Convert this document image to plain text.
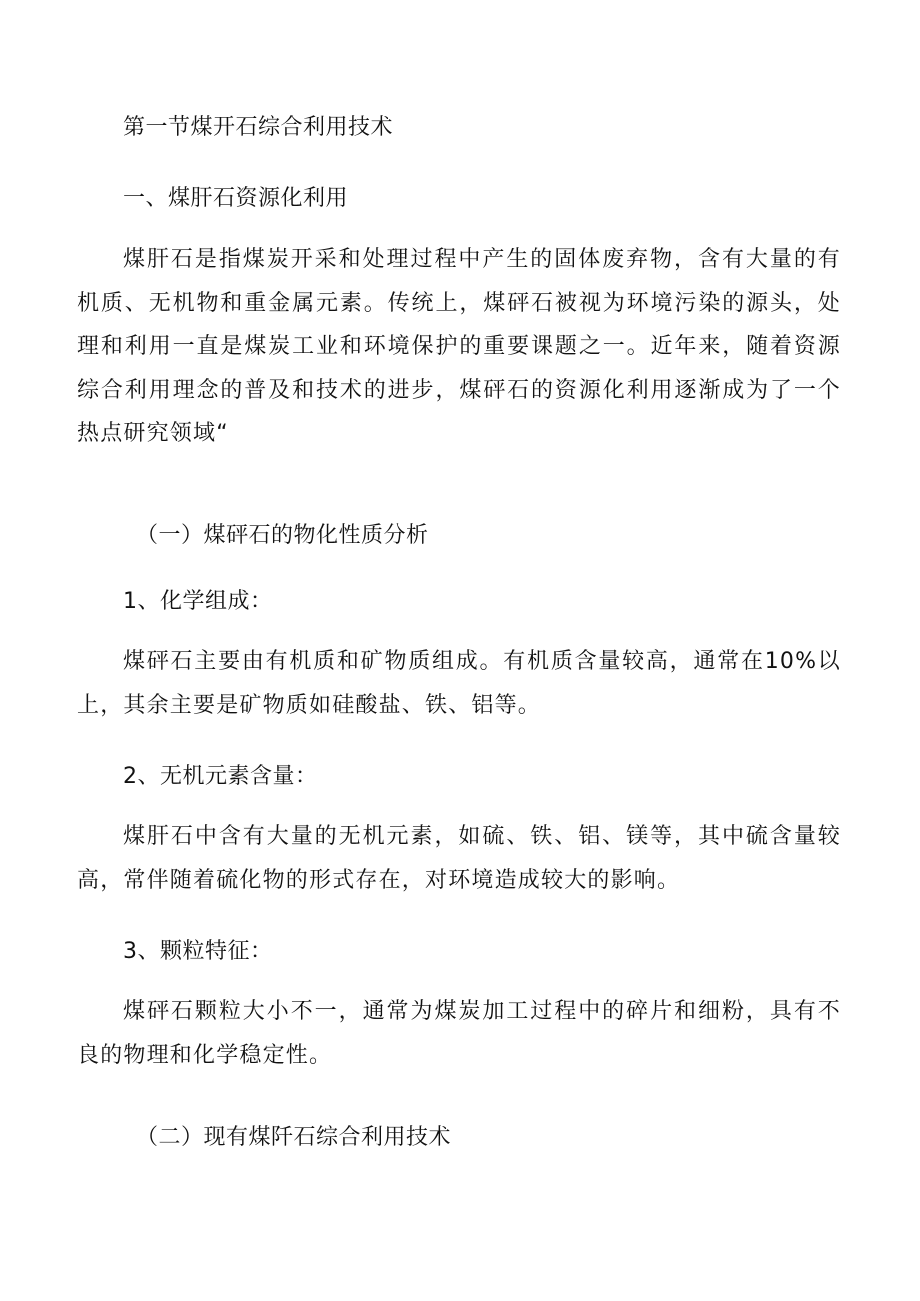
第一节煤开石综合利用技术
一、煤肝石资源化利用
煤肝石是指煤炭开采和处理过程中产生的固体废弃物，含有大量的有机质、无机物和重金属元素。传统上，煤砰石被视为环境污染的源头，处理和利用一直是煤炭工业和环境保护的重要课题之一。近年来，随着资源综合利用理念的普及和技术的进步，煤砰石的资源化利用逐渐成为了一个热点研究领域“
（一）煤砰石的物化性质分析
1、化学组成：
煤砰石主要由有机质和矿物质组成。有机质含量较高，通常在10%以上，其余主要是矿物质如硅酸盐、铁、铝等。
2、无机元素含量：
煤肝石中含有大量的无机元素，如硫、铁、铝、镁等，其中硫含量较高，常伴随着硫化物的形式存在，对环境造成较大的影响。
3、颗粒特征：
煤砰石颗粒大小不一，通常为煤炭加工过程中的碎片和细粉，具有不良的物理和化学稳定性。
（二）现有煤阡石综合利用技术
